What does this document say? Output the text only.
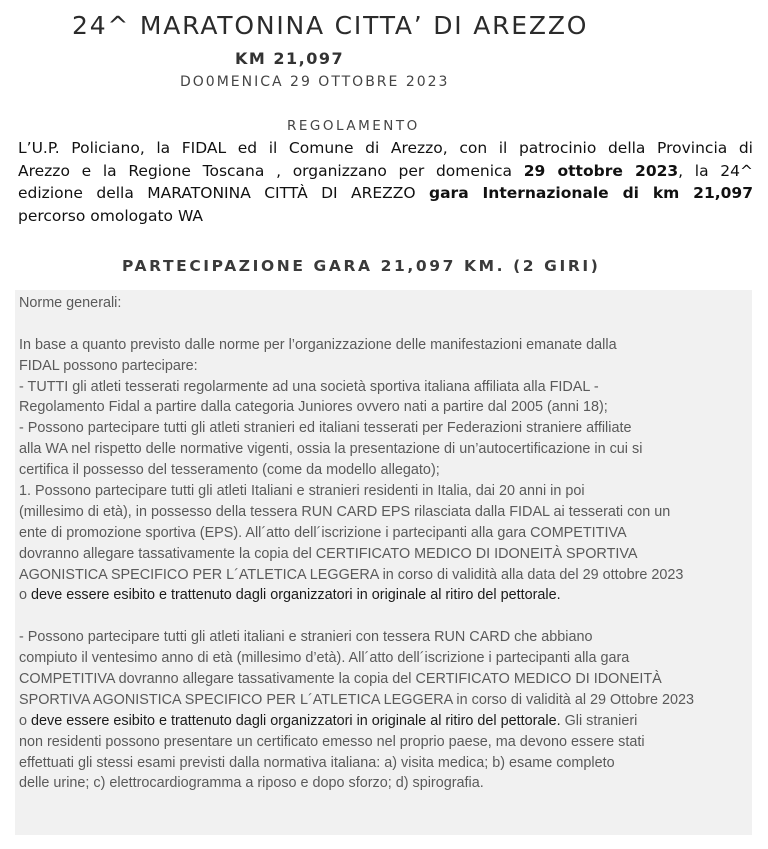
24^ MARATONINA CITTA’ DI AREZZO
KM 21,097
DO0MENICA 29 OTTOBRE 2023
REGOLAMENTO
L’U.P. Policiano, la FIDAL ed il Comune di Arezzo, con il patrocinio della Provincia di
Arezzo e la Regione Toscana , organizzano per domenica 29 ottobre 2023, la 24^
edizione della MARATONINA CITTÀ DI AREZZO gara Internazionale di km 21,097
percorso omologato WA
PARTECIPAZIONE GARA 21,097 KM. (2 GIRI)
Norme generali:
In base a quanto previsto dalle norme per l’organizzazione delle manifestazioni emanate dalla
FIDAL possono partecipare:
- TUTTI gli atleti tesserati regolarmente ad una società sportiva italiana affiliata alla FIDAL -
Regolamento Fidal a partire dalla categoria Juniores ovvero nati a partire dal 2005 (anni 18);
- Possono partecipare tutti gli atleti stranieri ed italiani tesserati per Federazioni straniere affiliate
alla WA nel rispetto delle normative vigenti, ossia la presentazione di un’autocertificazione in cui si
certifica il possesso del tesseramento (come da modello allegato);
1. Possono partecipare tutti gli atleti Italiani e stranieri residenti in Italia, dai 20 anni in poi
(millesimo di età), in possesso della tessera RUN CARD EPS rilasciata dalla FIDAL ai tesserati con un
ente di promozione sportiva (EPS). All´atto dell´iscrizione i partecipanti alla gara COMPETITIVA
dovranno allegare tassativamente la copia del CERTIFICATO MEDICO DI IDONEITÀ SPORTIVA
AGONISTICA SPECIFICO PER L´ATLETICA LEGGERA in corso di validità alla data del 29 ottobre 2023
o deve essere esibito e trattenuto dagli organizzatori in originale al ritiro del pettorale.
- Possono partecipare tutti gli atleti italiani e stranieri con tessera RUN CARD che abbiano
compiuto il ventesimo anno di età (millesimo d’età). All´atto dell´iscrizione i partecipanti alla gara
COMPETITIVA dovranno allegare tassativamente la copia del CERTIFICATO MEDICO DI IDONEITÀ
SPORTIVA AGONISTICA SPECIFICO PER L´ATLETICA LEGGERA in corso di validità al 29 Ottobre 2023
o deve essere esibito e trattenuto dagli organizzatori in originale al ritiro del pettorale. Gli stranieri
non residenti possono presentare un certificato emesso nel proprio paese, ma devono essere stati
effettuati gli stessi esami previsti dalla normativa italiana: a) visita medica; b) esame completo
delle urine; c) elettrocardiogramma a riposo e dopo sforzo; d) spirografia.
